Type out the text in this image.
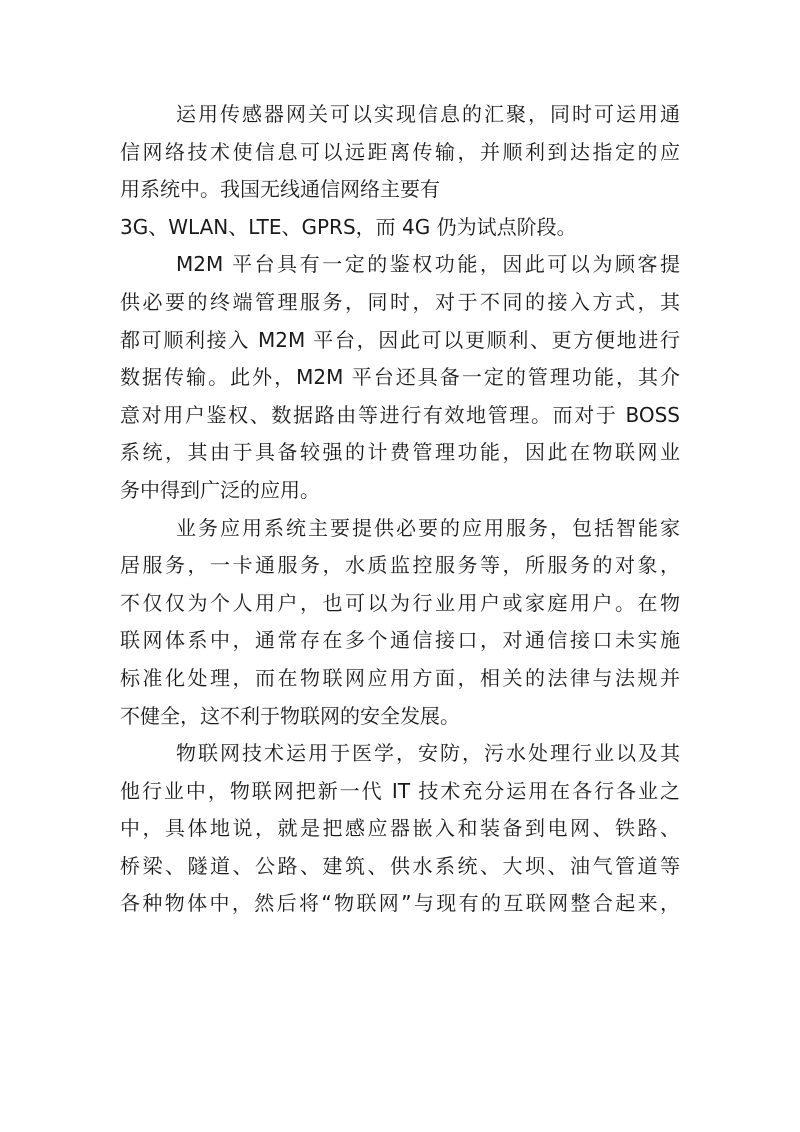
运用传感器网关可以实现信息的汇聚，同时可运用通
信网络技术使信息可以远距离传输，并顺利到达指定的应
用系统中。我国无线通信网络主要有
3G、WLAN、LTE、GPRS，而 4G 仍为试点阶段。
M2M 平台具有一定的鉴权功能，因此可以为顾客提
供必要的终端管理服务，同时，对于不同的接入方式，其
都可顺利接入 M2M 平台，因此可以更顺利、更方便地进行
数据传输。此外，M2M 平台还具备一定的管理功能，其介
意对用户鉴权、数据路由等进行有效地管理。而对于 BOSS
系统，其由于具备较强的计费管理功能，因此在物联网业
务中得到广泛的应用。
业务应用系统主要提供必要的应用服务，包括智能家
居服务，一卡通服务，水质监控服务等，所服务的对象，
不仅仅为个人用户，也可以为行业用户或家庭用户。在物
联网体系中，通常存在多个通信接口，对通信接口未实施
标准化处理，而在物联网应用方面，相关的法律与法规并
不健全，这不利于物联网的安全发展。
物联网技术运用于医学，安防，污水处理行业以及其
他行业中，物联网把新一代 IT 技术充分运用在各行各业之
中，具体地说，就是把感应器嵌入和装备到电网、铁路、
桥梁、隧道、公路、建筑、供水系统、大坝、油气管道等
各种物体中，然后将“物联网”与现有的互联网整合起来，
